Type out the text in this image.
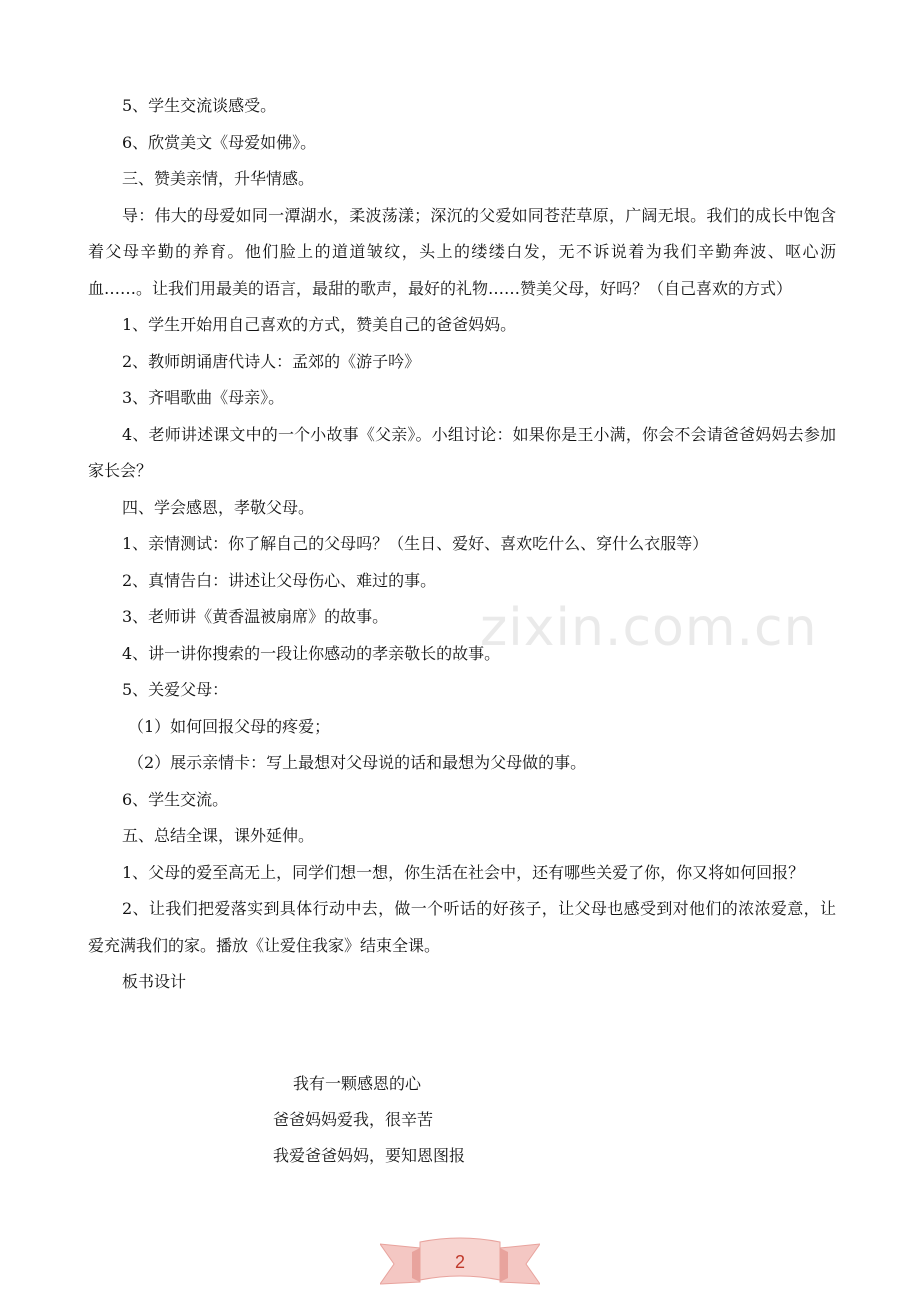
5、学生交流谈感受。

6、欣赏美文《母爱如佛》。

三、赞美亲情，升华情感。

导：伟大的母爱如同一潭湖水，柔波荡漾；深沉的父爱如同苍茫草原，广阔无垠。我们的成长中饱含着父母辛勤的养育。他们脸上的道道皱纹，头上的缕缕白发，无不诉说着为我们辛勤奔波、呕心沥血……。让我们用最美的语言，最甜的歌声，最好的礼物……赞美父母，好吗？（自己喜欢的方式）

1、学生开始用自己喜欢的方式，赞美自己的爸爸妈妈。

2、教师朗诵唐代诗人：孟郊的《游子吟》

3、齐唱歌曲《母亲》。

4、老师讲述课文中的一个小故事《父亲》。小组讨论：如果你是王小满，你会不会请爸爸妈妈去参加家长会？

四、学会感恩，孝敬父母。

1、亲情测试：你了解自己的父母吗？（生日、爱好、喜欢吃什么、穿什么衣服等）

2、真情告白：讲述让父母伤心、难过的事。

3、老师讲《黄香温被扇席》的故事。

4、讲一讲你搜索的一段让你感动的孝亲敬长的故事。

5、关爱父母：

（1）如何回报父母的疼爱；

（2）展示亲情卡：写上最想对父母说的话和最想为父母做的事。

6、学生交流。

五、总结全课，课外延伸。

1、父母的爱至高无上，同学们想一想，你生活在社会中，还有哪些关爱了你，你又将如何回报？

2、让我们把爱落实到具体行动中去，做一个听话的好孩子，让父母也感受到对他们的浓浓爱意，让爱充满我们的家。播放《让爱住我家》结束全课。

板书设计

我有一颗感恩的心
爸爸妈妈爱我，很辛苦
我爱爸爸妈妈，要知恩图报
zixin.com.cn
2
